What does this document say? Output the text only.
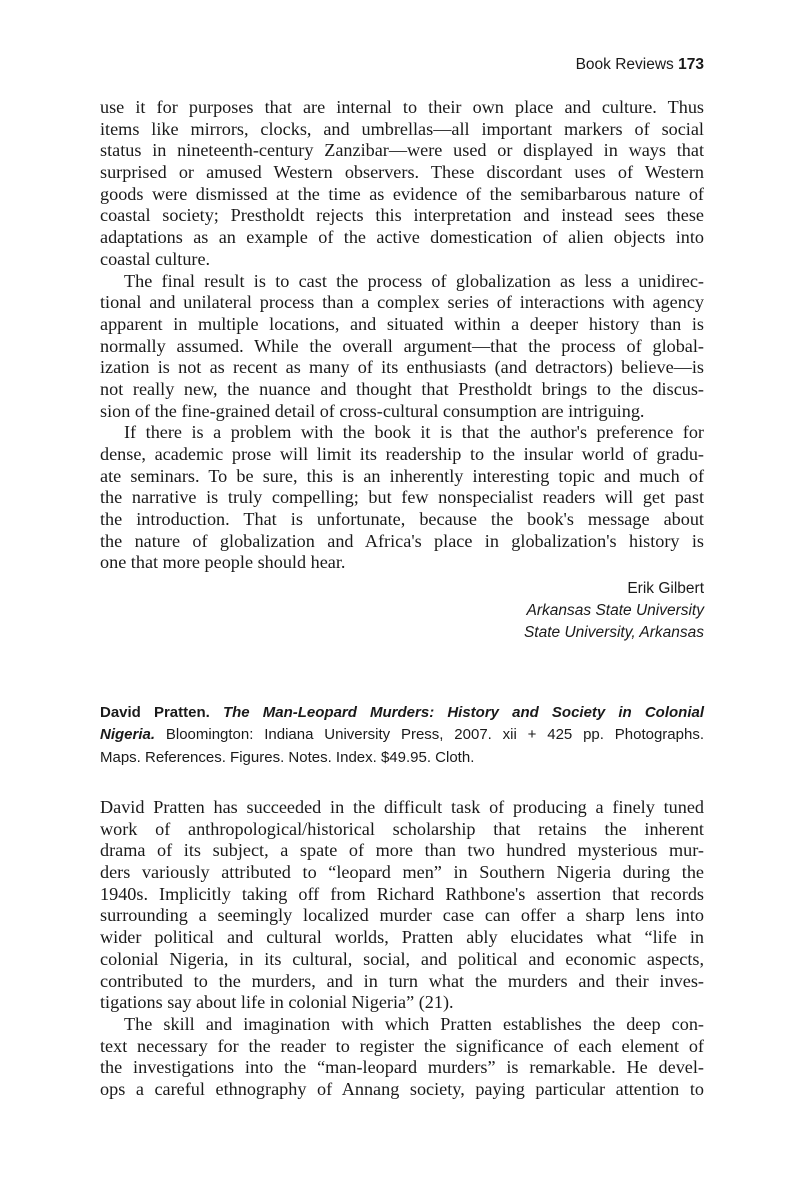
Book Reviews 173
use it for purposes that are internal to their own place and culture. Thus
items like mirrors, clocks, and umbrellas—all important markers of social
status in nineteenth-century Zanzibar—were used or displayed in ways that
surprised or amused Western observers. These discordant uses of Western
goods were dismissed at the time as evidence of the semibarbarous nature of
coastal society; Prestholdt rejects this interpretation and instead sees these
adaptations as an example of the active domestication of alien objects into
coastal culture.
The final result is to cast the process of globalization as less a unidirec-
tional and unilateral process than a complex series of interactions with agency
apparent in multiple locations, and situated within a deeper history than is
normally assumed. While the overall argument—that the process of global-
ization is not as recent as many of its enthusiasts (and detractors) believe—is
not really new, the nuance and thought that Prestholdt brings to the discus-
sion of the fine-grained detail of cross-cultural consumption are intriguing.
If there is a problem with the book it is that the author's preference for
dense, academic prose will limit its readership to the insular world of gradu-
ate seminars. To be sure, this is an inherently interesting topic and much of
the narrative is truly compelling; but few nonspecialist readers will get past
the introduction. That is unfortunate, because the book's message about
the nature of globalization and Africa's place in globalization's history is
one that more people should hear.
Erik Gilbert
Arkansas State University
State University, Arkansas
David Pratten. The Man-Leopard Murders: History and Society in Colonial
Nigeria. Bloomington: Indiana University Press, 2007. xii + 425 pp. Photographs.
Maps. References. Figures. Notes. Index. $49.95. Cloth.
David Pratten has succeeded in the difficult task of producing a finely tuned
work of anthropological/historical scholarship that retains the inherent
drama of its subject, a spate of more than two hundred mysterious mur-
ders variously attributed to “leopard men” in Southern Nigeria during the
1940s. Implicitly taking off from Richard Rathbone's assertion that records
surrounding a seemingly localized murder case can offer a sharp lens into
wider political and cultural worlds, Pratten ably elucidates what “life in
colonial Nigeria, in its cultural, social, and political and economic aspects,
contributed to the murders, and in turn what the murders and their inves-
tigations say about life in colonial Nigeria” (21).
The skill and imagination with which Pratten establishes the deep con-
text necessary for the reader to register the significance of each element of
the investigations into the “man-leopard murders” is remarkable. He devel-
ops a careful ethnography of Annang society, paying particular attention to
